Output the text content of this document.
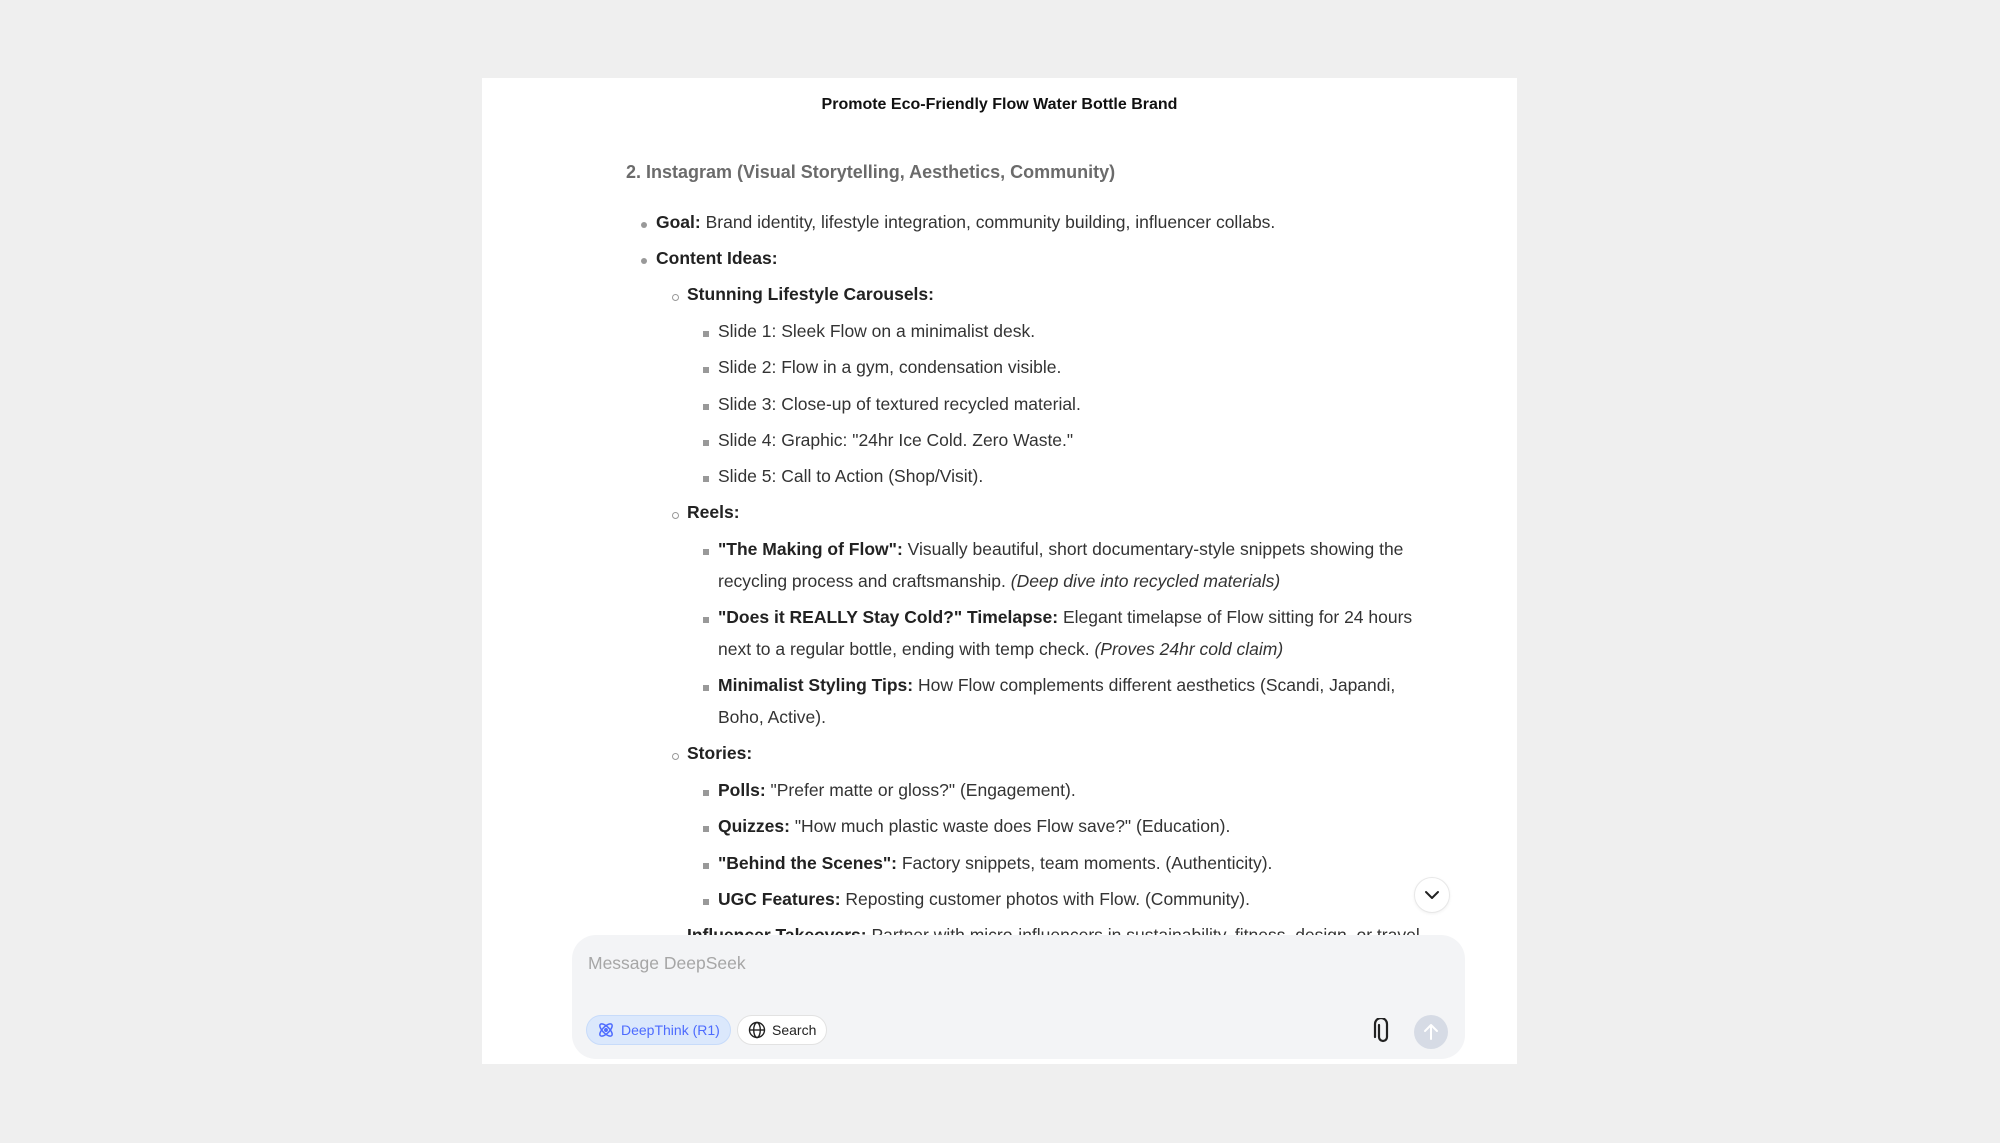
Promote Eco-Friendly Flow Water Bottle Brand
2. Instagram (Visual Storytelling, Aesthetics, Community)
Goal: Brand identity, lifestyle integration, community building, influencer collabs.
Content Ideas:
Stunning Lifestyle Carousels:
Slide 1: Sleek Flow on a minimalist desk.
Slide 2: Flow in a gym, condensation visible.
Slide 3: Close-up of textured recycled material.
Slide 4: Graphic: "24hr Ice Cold. Zero Waste."
Slide 5: Call to Action (Shop/Visit).
Reels:
"The Making of Flow": Visually beautiful, short documentary-style snippets showing the
recycling process and craftsmanship. (Deep dive into recycled materials)
"Does it REALLY Stay Cold?" Timelapse: Elegant timelapse of Flow sitting for 24 hours
next to a regular bottle, ending with temp check. (Proves 24hr cold claim)
Minimalist Styling Tips: How Flow complements different aesthetics (Scandi, Japandi,
Boho, Active).
Stories:
Polls: "Prefer matte or gloss?" (Engagement).
Quizzes: "How much plastic waste does Flow save?" (Education).
"Behind the Scenes": Factory snippets, team moments. (Authenticity).
UGC Features: Reposting customer photos with Flow. (Community).
Message DeepSeek
DeepThink (R1)	Search
